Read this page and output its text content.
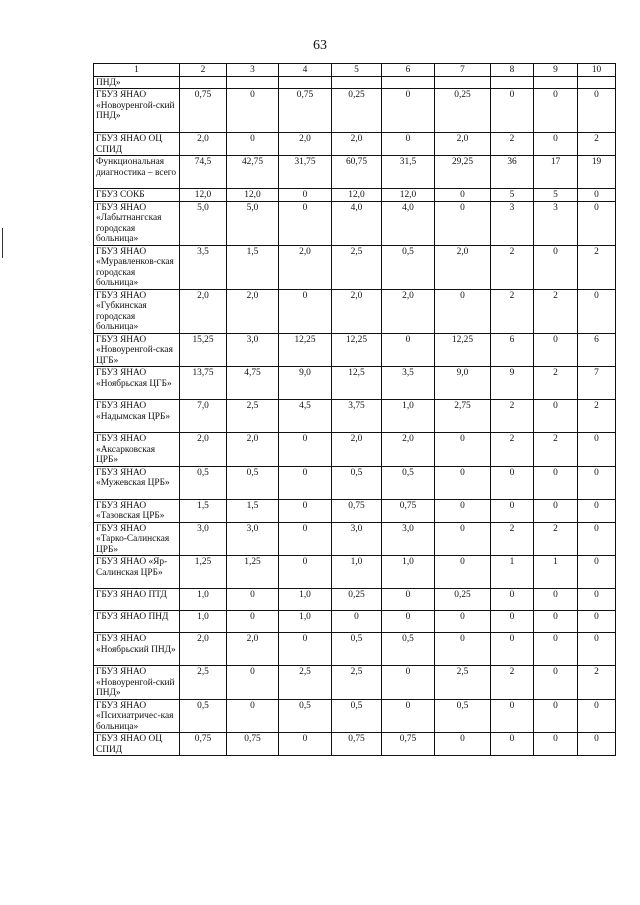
63
1	2	3	4	5	6	7	8	9	10
ПНД»									
ГБУЗ ЯНАО «Новоуренгой-ский ПНД»	0,75	0	0,75	0,25	0	0,25	0	0	0
ГБУЗ ЯНАО ОЦ СПИД	2,0	0	2,0	2,0	0	2,0	2	0	2
Функциональная диагностика – всего	74,5	42,75	31,75	60,75	31,5	29,25	36	17	19
ГБУЗ СОКБ	12,0	12,0	0	12,0	12,0	0	5	5	0
ГБУЗ ЯНАО «Лабытнангская городская больница»	5,0	5,0	0	4,0	4,0	0	3	3	0
ГБУЗ ЯНАО «Муравленков-ская городская больница»	3,5	1,5	2,0	2,5	0,5	2,0	2	0	2
ГБУЗ ЯНАО «Губкинская городская больница»	2,0	2,0	0	2,0	2,0	0	2	2	0
ГБУЗ ЯНАО «Новоуренгой-ская ЦГБ»	15,25	3,0	12,25	12,25	0	12,25	6	0	6
ГБУЗ ЯНАО «Ноябрьская ЦГБ»	13,75	4,75	9,0	12,5	3,5	9,0	9	2	7
ГБУЗ ЯНАО «Надымская ЦРБ»	7,0	2,5	4,5	3,75	1,0	2,75	2	0	2
ГБУЗ ЯНАО «Аксарковская ЦРБ»	2,0	2,0	0	2,0	2,0	0	2	2	0
ГБУЗ ЯНАО «Мужевская ЦРБ»	0,5	0,5	0	0,5	0,5	0	0	0	0
ГБУЗ ЯНАО «Тазовская ЦРБ»	1,5	1,5	0	0,75	0,75	0	0	0	0
ГБУЗ ЯНАО «Тарко-Салинская ЦРБ»	3,0	3,0	0	3,0	3,0	0	2	2	0
ГБУЗ ЯНАО «Яр-Салинская ЦРБ»	1,25	1,25	0	1,0	1,0	0	1	1	0
ГБУЗ ЯНАО ПТД	1,0	0	1,0	0,25	0	0,25	0	0	0
ГБУЗ ЯНАО ПНД	1,0	0	1,0	0	0	0	0	0	0
ГБУЗ ЯНАО «Ноябрьский ПНД»	2,0	2,0	0	0,5	0,5	0	0	0	0
ГБУЗ ЯНАО «Новоуренгой-ский ПНД»	2,5	0	2,5	2,5	0	2,5	2	0	2
ГБУЗ ЯНАО «Психиатричес-кая больница»	0,5	0	0,5	0,5	0	0,5	0	0	0
ГБУЗ ЯНАО ОЦ СПИД	0,75	0,75	0	0,75	0,75	0	0	0	0
